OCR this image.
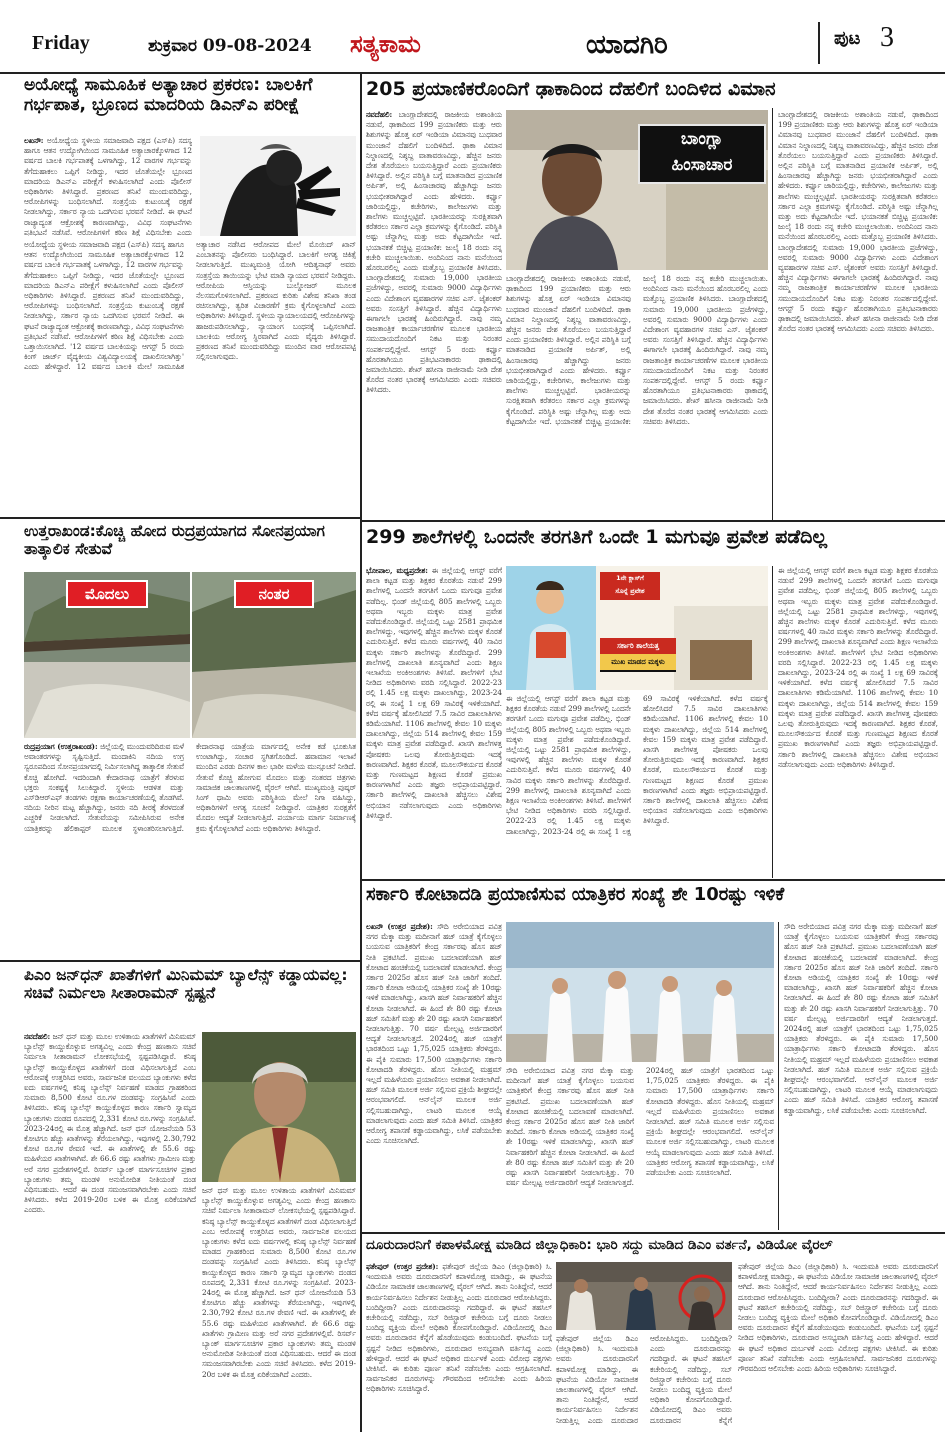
Friday	ಶುಕ್ರವಾರ 09-08-2024 ಸತ್ಯಕಾಮ	ಯಾದಗಿರಿ	ಪುಟ 3
ಅಯೋಧ್ಯೆ ಸಾಮೂಹಿಕ ಅತ್ಯಾಚಾರ ಪ್ರಕರಣ: ಬಾಲಕಿಗೆ ಗರ್ಭಪಾತ, ಭ್ರೂಣದ ಮಾದರಿಯ ಡಿಎನ್ಎ ಪರೀಕ್ಷೆ
ಲಖನೌ: ಅಯೋಧ್ಯೆಯ ಸ್ಥಳೀಯ ಸಮಾಜವಾದಿ ಪಕ್ಷದ (ಎಸ್‌ಪಿ) ಸದಸ್ಯ ಹಾಗೂ ಆತನ ಉದ್ಯೋಗಿಯಿಂದ ಸಾಮೂಹಿಕ ಅತ್ಯಾಚಾರಕ್ಕೊಳಗಾದ 12 ವರ್ಷದ ಬಾಲಕಿ ಗರ್ಭಪಾತಕ್ಕೆ ಒಳಗಾಗಿದ್ದು, 12 ವಾರಗಳ ಗರ್ಭವನ್ನು ತೆಗೆದುಹಾಕಲು ಒಪ್ಪಿಗೆ ನೀಡಿದ್ದು, ಇದರ ಜೊತೆಯಲ್ಲೇ ಭ್ರೂಣದ ಮಾದರಿಯ ಡಿಎನ್ಎ ಪರೀಕ್ಷೆಗೆ ಕಳುಹಿಸಲಾಗಿದೆ ಎಂದು ಪೊಲೀಸ್ ಅಧಿಕಾರಿಗಳು ತಿಳಿಸಿದ್ದಾರೆ. ಪ್ರಕರಣದ ತನಿಖೆ ಮುಂದುವರಿದಿದ್ದು, ಆರೋಪಿಗಳನ್ನು ಬಂಧಿಸಲಾಗಿದೆ. ಸಂತ್ರಸ್ತೆಯ ಕುಟುಂಬಕ್ಕೆ ರಕ್ಷಣೆ ನೀಡಲಾಗಿದ್ದು, ಸರ್ಕಾರ ನ್ಯಾಯ ಒದಗಿಸುವ ಭರವಸೆ ನೀಡಿದೆ. ಈ ಘಟನೆ ರಾಜ್ಯಾದ್ಯಂತ ಆಕ್ರೋಶಕ್ಕೆ ಕಾರಣವಾಗಿದ್ದು, ವಿವಿಧ ಸಂಘಟನೆಗಳು ಪ್ರತಿಭಟನೆ ನಡೆಸಿವೆ. ಆರೋಪಿಗಳಿಗೆ ಕಠಿಣ ಶಿಕ್ಷೆ ವಿಧಿಸಬೇಕು ಎಂದು
ಅಯೋಧ್ಯೆಯ ಸ್ಥಳೀಯ ಸಮಾಜವಾದಿ ಪಕ್ಷದ (ಎಸ್‌ಪಿ) ಸದಸ್ಯ ಹಾಗೂ ಆತನ ಉದ್ಯೋಗಿಯಿಂದ ಸಾಮೂಹಿಕ ಅತ್ಯಾಚಾರಕ್ಕೊಳಗಾದ 12 ವರ್ಷದ ಬಾಲಕಿ ಗರ್ಭಪಾತಕ್ಕೆ ಒಳಗಾಗಿದ್ದು, 12 ವಾರಗಳ ಗರ್ಭವನ್ನು ತೆಗೆದುಹಾಕಲು ಒಪ್ಪಿಗೆ ನೀಡಿದ್ದು, ಇದರ ಜೊತೆಯಲ್ಲೇ ಭ್ರೂಣದ ಮಾದರಿಯ ಡಿಎನ್ಎ ಪರೀಕ್ಷೆಗೆ ಕಳುಹಿಸಲಾಗಿದೆ ಎಂದು ಪೊಲೀಸ್ ಅಧಿಕಾರಿಗಳು ತಿಳಿಸಿದ್ದಾರೆ. ಪ್ರಕರಣದ ತನಿಖೆ ಮುಂದುವರಿದಿದ್ದು, ಆರೋಪಿಗಳನ್ನು ಬಂಧಿಸಲಾಗಿದೆ. ಸಂತ್ರಸ್ತೆಯ ಕುಟುಂಬಕ್ಕೆ ರಕ್ಷಣೆ ನೀಡಲಾಗಿದ್ದು, ಸರ್ಕಾರ ನ್ಯಾಯ ಒದಗಿಸುವ ಭರವಸೆ ನೀಡಿದೆ. ಈ ಘಟನೆ ರಾಜ್ಯಾದ್ಯಂತ ಆಕ್ರೋಶಕ್ಕೆ ಕಾರಣವಾಗಿದ್ದು, ವಿವಿಧ ಸಂಘಟನೆಗಳು ಪ್ರತಿಭಟನೆ ನಡೆಸಿವೆ. ಆರೋಪಿಗಳಿಗೆ ಕಠಿಣ ಶಿಕ್ಷೆ ವಿಧಿಸಬೇಕು ಎಂದು ಒತ್ತಾಯಿಸಲಾಗಿದೆ. '12 ವರ್ಷದ ಬಾಲಕಿಯನ್ನು ಆಗಸ್ಟ್ 5 ರಂದು ಕಿಂಗ್ ಜಾರ್ಜ್ ವೈದ್ಯಕೀಯ ವಿಶ್ವವಿದ್ಯಾಲಯಕ್ಕೆ ದಾಖಲಿಸಲಾಗಿತ್ತು' ಎಂದು ಹೇಳಿದ್ದಾರೆ. 12 ವರ್ಷದ ಬಾಲಕಿ ಮೇಲೆ ಸಾಮೂಹಿಕ ಅತ್ಯಾಚಾರ ನಡೆಸಿದ ಆರೋಪದ ಮೇಲೆ ಮೊಯಿದ್ ಖಾನ್ ಎಂಬಾತನನ್ನು ಪೊಲೀಸರು ಬಂಧಿಸಿದ್ದಾರೆ. ಬಾಲಕಿಗೆ ಅಗತ್ಯ ಚಿಕಿತ್ಸೆ ನೀಡಲಾಗುತ್ತಿದೆ. ಮುಖ್ಯಮಂತ್ರಿ ಯೋಗಿ ಆದಿತ್ಯನಾಥ್ ಅವರು ಸಂತ್ರಸ್ತೆಯ ತಾಯಿಯನ್ನು ಭೇಟಿ ಮಾಡಿ ನ್ಯಾಯದ ಭರವಸೆ ನೀಡಿದ್ದರು. ಆರೋಪಿಯ ಆಸ್ತಿಯನ್ನು ಬುಲ್ಡೋಜರ್ ಮೂಲಕ ನೆಲಸಮಗೊಳಿಸಲಾಗಿದೆ. ಪ್ರಕರಣದ ಕುರಿತು ವಿಶೇಷ ತನಿಖಾ ತಂಡ ರಚಿಸಲಾಗಿದ್ದು, ತ್ವರಿತ ವಿಚಾರಣೆಗೆ ಕ್ರಮ ಕೈಗೊಳ್ಳಲಾಗಿದೆ ಎಂದು ಅಧಿಕಾರಿಗಳು ತಿಳಿಸಿದ್ದಾರೆ. ಸ್ಥಳೀಯ ನ್ಯಾಯಾಲಯದಲ್ಲಿ ಆರೋಪಿಗಳನ್ನು ಹಾಜರುಪಡಿಸಲಾಗಿದ್ದು, ನ್ಯಾಯಾಂಗ ಬಂಧನಕ್ಕೆ ಒಪ್ಪಿಸಲಾಗಿದೆ. ಬಾಲಕಿಯ ಆರೋಗ್ಯ ಸ್ಥಿರವಾಗಿದೆ ಎಂದು ವೈದ್ಯರು ತಿಳಿಸಿದ್ದಾರೆ. ಪ್ರಕರಣದ ತನಿಖೆ ಮುಂದುವರಿದಿದ್ದು ಮುಂದಿನ ವಾರ ಆರೋಪಪಟ್ಟಿ ಸಲ್ಲಿಸಲಾಗುವುದು.
205 ಪ್ರಯಾಣಿಕರೊಂದಿಗೆ ಢಾಕಾದಿಂದ ದೆಹಲಿಗೆ ಬಂದಿಳಿದ ವಿಮಾನ
ನವದೆಹಲಿ: ಬಾಂಗ್ಲಾದೇಶದಲ್ಲಿ ರಾಜಕೀಯ ಅಶಾಂತಿಯ ನಡುವೆ, ಢಾಕಾದಿಂದ 199 ಪ್ರಯಾಣಿಕರು ಮತ್ತು ಆರು ಶಿಶುಗಳನ್ನು ಹೊತ್ತ ಏರ್ ಇಂಡಿಯಾ ವಿಮಾನವು ಬುಧವಾರ ಮುಂಜಾನೆ ದೆಹಲಿಗೆ ಬಂದಿಳಿದಿದೆ. ಢಾಕಾ ವಿಮಾನ ನಿಲ್ದಾಣದಲ್ಲಿ ನಿಶ್ಶಬ್ದ ವಾತಾವರಣವಿದ್ದು, ಹೆಚ್ಚಿನ ಜನರು ದೇಶ ತೊರೆಯಲು ಬಯಸುತ್ತಿದ್ದಾರೆ ಎಂದು ಪ್ರಯಾಣಿಕರು ತಿಳಿಸಿದ್ದಾರೆ. ಅಲ್ಲಿನ ಪರಿಸ್ಥಿತಿ ಬಗ್ಗೆ ಮಾತನಾಡಿದ ಪ್ರಯಾಣಿಕ ಅರ್ಪಿತ್, ಅಲ್ಲಿ ಹಿಂಸಾಚಾರವು ಹೆಚ್ಚಾಗಿದ್ದು ಜನರು ಭಯಭೀತರಾಗಿದ್ದಾರೆ ಎಂದು ಹೇಳಿದರು. ಕರ್ಫ್ಯೂ ಜಾರಿಯಲ್ಲಿದ್ದು, ಕಚೇರಿಗಳು, ಕಾಲೇಜುಗಳು ಮತ್ತು ಶಾಲೆಗಳು ಮುಚ್ಚಲ್ಪಟ್ಟಿವೆ. ಭಾರತೀಯರನ್ನು ಸುರಕ್ಷಿತವಾಗಿ ಕರೆತರಲು ಸರ್ಕಾರ ಎಲ್ಲಾ ಕ್ರಮಗಳನ್ನು ಕೈಗೊಂಡಿದೆ. ಪರಿಸ್ಥಿತಿ ಅಷ್ಟು ಚೆನ್ನಾಗಿಲ್ಲ ಮತ್ತು ಅದು ಕೆಟ್ಟದಾಗಿಯೇ ಇದೆ. ಭಯಾನಕತೆ ಬಿಚ್ಚಿಟ್ಟ ಪ್ರಯಾಣಿಕ: ಜುಲೈ 18 ರಂದು ನನ್ನ ಕಚೇರಿ ಮುಚ್ಚಲಾಯಿತು. ಅಂದಿನಿಂದ ನಾನು ಮನೆಯಿಂದ ಹೊರಬರಲಿಲ್ಲ ಎಂದು ಮತ್ತೊಬ್ಬ ಪ್ರಯಾಣಿಕ ತಿಳಿಸಿದರು. ಬಾಂಗ್ಲಾದೇಶದಲ್ಲಿ ಸುಮಾರು 19,000 ಭಾರತೀಯ ಪ್ರಜೆಗಳಿದ್ದು, ಅವರಲ್ಲಿ ಸುಮಾರು 9000 ವಿದ್ಯಾರ್ಥಿಗಳು ಎಂದು ವಿದೇಶಾಂಗ ವ್ಯವಹಾರಗಳ ಸಚಿವ ಎಸ್. ಜೈಶಂಕರ್ ಅವರು ಸಂಸತ್ತಿಗೆ ತಿಳಿಸಿದ್ದಾರೆ. ಹೆಚ್ಚಿನ ವಿದ್ಯಾರ್ಥಿಗಳು ಈಗಾಗಲೇ ಭಾರತಕ್ಕೆ ಹಿಂದಿರುಗಿದ್ದಾರೆ. ನಾವು ನಮ್ಮ ರಾಜತಾಂತ್ರಿಕ ಕಾರ್ಯಾಚರಣೆಗಳ ಮೂಲಕ ಭಾರತೀಯ ಸಮುದಾಯದೊಂದಿಗೆ ನಿಕಟ ಮತ್ತು ನಿರಂತರ ಸಂಪರ್ಕದಲ್ಲಿದ್ದೇವೆ. ಆಗಸ್ಟ್ 5 ರಂದು ಕರ್ಫ್ಯೂ ಹೊರತಾಗಿಯೂ ಪ್ರತಿಭಟನಾಕಾರರು ಢಾಕಾದಲ್ಲಿ ಜಮಾಯಿಸಿದರು. ಶೇಖ್ ಹಸೀನಾ ರಾಜೀನಾಮೆ ನೀಡಿ ದೇಶ ತೊರೆದ ನಂತರ ಭಾರತಕ್ಕೆ ಆಗಮಿಸಿದರು ಎಂದು ಸಚಿವರು ತಿಳಿಸಿದರು.
ಬಾಂಗ್ಲಾ
ಹಿಂಸಾಚಾರ
ಬಾಂಗ್ಲಾದೇಶದಲ್ಲಿ ರಾಜಕೀಯ ಅಶಾಂತಿಯ ನಡುವೆ, ಢಾಕಾದಿಂದ 199 ಪ್ರಯಾಣಿಕರು ಮತ್ತು ಆರು ಶಿಶುಗಳನ್ನು ಹೊತ್ತ ಏರ್ ಇಂಡಿಯಾ ವಿಮಾನವು ಬುಧವಾರ ಮುಂಜಾನೆ ದೆಹಲಿಗೆ ಬಂದಿಳಿದಿದೆ. ಢಾಕಾ ವಿಮಾನ ನಿಲ್ದಾಣದಲ್ಲಿ ನಿಶ್ಶಬ್ದ ವಾತಾವರಣವಿದ್ದು, ಹೆಚ್ಚಿನ ಜನರು ದೇಶ ತೊರೆಯಲು ಬಯಸುತ್ತಿದ್ದಾರೆ ಎಂದು ಪ್ರಯಾಣಿಕರು ತಿಳಿಸಿದ್ದಾರೆ. ಅಲ್ಲಿನ ಪರಿಸ್ಥಿತಿ ಬಗ್ಗೆ ಮಾತನಾಡಿದ ಪ್ರಯಾಣಿಕ ಅರ್ಪಿತ್, ಅಲ್ಲಿ ಹಿಂಸಾಚಾರವು ಹೆಚ್ಚಾಗಿದ್ದು ಜನರು ಭಯಭೀತರಾಗಿದ್ದಾರೆ ಎಂದು ಹೇಳಿದರು. ಕರ್ಫ್ಯೂ ಜಾರಿಯಲ್ಲಿದ್ದು, ಕಚೇರಿಗಳು, ಕಾಲೇಜುಗಳು ಮತ್ತು ಶಾಲೆಗಳು ಮುಚ್ಚಲ್ಪಟ್ಟಿವೆ. ಭಾರತೀಯರನ್ನು ಸುರಕ್ಷಿತವಾಗಿ ಕರೆತರಲು ಸರ್ಕಾರ ಎಲ್ಲಾ ಕ್ರಮಗಳನ್ನು ಕೈಗೊಂಡಿದೆ. ಪರಿಸ್ಥಿತಿ ಅಷ್ಟು ಚೆನ್ನಾಗಿಲ್ಲ ಮತ್ತು ಅದು ಕೆಟ್ಟದಾಗಿಯೇ ಇದೆ. ಭಯಾನಕತೆ ಬಿಚ್ಚಿಟ್ಟ ಪ್ರಯಾಣಿಕ: ಜುಲೈ 18 ರಂದು ನನ್ನ ಕಚೇರಿ ಮುಚ್ಚಲಾಯಿತು. ಅಂದಿನಿಂದ ನಾನು ಮನೆಯಿಂದ ಹೊರಬರಲಿಲ್ಲ ಎಂದು ಮತ್ತೊಬ್ಬ ಪ್ರಯಾಣಿಕ ತಿಳಿಸಿದರು. ಬಾಂಗ್ಲಾದೇಶದಲ್ಲಿ ಸುಮಾರು 19,000 ಭಾರತೀಯ ಪ್ರಜೆಗಳಿದ್ದು, ಅವರಲ್ಲಿ ಸುಮಾರು 9000 ವಿದ್ಯಾರ್ಥಿಗಳು ಎಂದು ವಿದೇಶಾಂಗ ವ್ಯವಹಾರಗಳ ಸಚಿವ ಎಸ್. ಜೈಶಂಕರ್ ಅವರು ಸಂಸತ್ತಿಗೆ ತಿಳಿಸಿದ್ದಾರೆ. ಹೆಚ್ಚಿನ ವಿದ್ಯಾರ್ಥಿಗಳು ಈಗಾಗಲೇ ಭಾರತಕ್ಕೆ ಹಿಂದಿರುಗಿದ್ದಾರೆ. ನಾವು ನಮ್ಮ ರಾಜತಾಂತ್ರಿಕ ಕಾರ್ಯಾಚರಣೆಗಳ ಮೂಲಕ ಭಾರತೀಯ ಸಮುದಾಯದೊಂದಿಗೆ ನಿಕಟ ಮತ್ತು ನಿರಂತರ ಸಂಪರ್ಕದಲ್ಲಿದ್ದೇವೆ. ಆಗಸ್ಟ್ 5 ರಂದು ಕರ್ಫ್ಯೂ ಹೊರತಾಗಿಯೂ ಪ್ರತಿಭಟನಾಕಾರರು ಢಾಕಾದಲ್ಲಿ ಜಮಾಯಿಸಿದರು. ಶೇಖ್ ಹಸೀನಾ ರಾಜೀನಾಮೆ ನೀಡಿ ದೇಶ ತೊರೆದ ನಂತರ ಭಾರತಕ್ಕೆ ಆಗಮಿಸಿದರು ಎಂದು ಸಚಿವರು ತಿಳಿಸಿದರು.
ಬಾಂಗ್ಲಾದೇಶದಲ್ಲಿ ರಾಜಕೀಯ ಅಶಾಂತಿಯ ನಡುವೆ, ಢಾಕಾದಿಂದ 199 ಪ್ರಯಾಣಿಕರು ಮತ್ತು ಆರು ಶಿಶುಗಳನ್ನು ಹೊತ್ತ ಏರ್ ಇಂಡಿಯಾ ವಿಮಾನವು ಬುಧವಾರ ಮುಂಜಾನೆ ದೆಹಲಿಗೆ ಬಂದಿಳಿದಿದೆ. ಢಾಕಾ ವಿಮಾನ ನಿಲ್ದಾಣದಲ್ಲಿ ನಿಶ್ಶಬ್ದ ವಾತಾವರಣವಿದ್ದು, ಹೆಚ್ಚಿನ ಜನರು ದೇಶ ತೊರೆಯಲು ಬಯಸುತ್ತಿದ್ದಾರೆ ಎಂದು ಪ್ರಯಾಣಿಕರು ತಿಳಿಸಿದ್ದಾರೆ. ಅಲ್ಲಿನ ಪರಿಸ್ಥಿತಿ ಬಗ್ಗೆ ಮಾತನಾಡಿದ ಪ್ರಯಾಣಿಕ ಅರ್ಪಿತ್, ಅಲ್ಲಿ ಹಿಂಸಾಚಾರವು ಹೆಚ್ಚಾಗಿದ್ದು ಜನರು ಭಯಭೀತರಾಗಿದ್ದಾರೆ ಎಂದು ಹೇಳಿದರು. ಕರ್ಫ್ಯೂ ಜಾರಿಯಲ್ಲಿದ್ದು, ಕಚೇರಿಗಳು, ಕಾಲೇಜುಗಳು ಮತ್ತು ಶಾಲೆಗಳು ಮುಚ್ಚಲ್ಪಟ್ಟಿವೆ. ಭಾರತೀಯರನ್ನು ಸುರಕ್ಷಿತವಾಗಿ ಕರೆತರಲು ಸರ್ಕಾರ ಎಲ್ಲಾ ಕ್ರಮಗಳನ್ನು ಕೈಗೊಂಡಿದೆ. ಪರಿಸ್ಥಿತಿ ಅಷ್ಟು ಚೆನ್ನಾಗಿಲ್ಲ ಮತ್ತು ಅದು ಕೆಟ್ಟದಾಗಿಯೇ ಇದೆ. ಭಯಾನಕತೆ ಬಿಚ್ಚಿಟ್ಟ ಪ್ರಯಾಣಿಕ: ಜುಲೈ 18 ರಂದು ನನ್ನ ಕಚೇರಿ ಮುಚ್ಚಲಾಯಿತು. ಅಂದಿನಿಂದ ನಾನು ಮನೆಯಿಂದ ಹೊರಬರಲಿಲ್ಲ ಎಂದು ಮತ್ತೊಬ್ಬ ಪ್ರಯಾಣಿಕ ತಿಳಿಸಿದರು. ಬಾಂಗ್ಲಾದೇಶದಲ್ಲಿ ಸುಮಾರು 19,000 ಭಾರತೀಯ ಪ್ರಜೆಗಳಿದ್ದು, ಅವರಲ್ಲಿ ಸುಮಾರು 9000 ವಿದ್ಯಾರ್ಥಿಗಳು ಎಂದು ವಿದೇಶಾಂಗ ವ್ಯವಹಾರಗಳ ಸಚಿವ ಎಸ್. ಜೈಶಂಕರ್ ಅವರು ಸಂಸತ್ತಿಗೆ ತಿಳಿಸಿದ್ದಾರೆ. ಹೆಚ್ಚಿನ ವಿದ್ಯಾರ್ಥಿಗಳು ಈಗಾಗಲೇ ಭಾರತಕ್ಕೆ ಹಿಂದಿರುಗಿದ್ದಾರೆ. ನಾವು ನಮ್ಮ ರಾಜತಾಂತ್ರಿಕ ಕಾರ್ಯಾಚರಣೆಗಳ ಮೂಲಕ ಭಾರತೀಯ ಸಮುದಾಯದೊಂದಿಗೆ ನಿಕಟ ಮತ್ತು ನಿರಂತರ ಸಂಪರ್ಕದಲ್ಲಿದ್ದೇವೆ. ಆಗಸ್ಟ್ 5 ರಂದು ಕರ್ಫ್ಯೂ ಹೊರತಾಗಿಯೂ ಪ್ರತಿಭಟನಾಕಾರರು ಢಾಕಾದಲ್ಲಿ ಜಮಾಯಿಸಿದರು. ಶೇಖ್ ಹಸೀನಾ ರಾಜೀನಾಮೆ ನೀಡಿ ದೇಶ ತೊರೆದ ನಂತರ ಭಾರತಕ್ಕೆ ಆಗಮಿಸಿದರು ಎಂದು ಸಚಿವರು ತಿಳಿಸಿದರು.
ಉತ್ತರಾಖಂಡ:ಕೊಚ್ಚಿ ಹೋದ ರುದ್ರಪ್ರಯಾಗದ ಸೋನಪ್ರಯಾಗ ತಾತ್ಕಾಲಿಕ ಸೇತುವೆ
ಮೊದಲು	ನಂತರ
ರುದ್ರಪ್ರಯಾಗ (ಉತ್ತರಾಖಂಡ): ಜಿಲ್ಲೆಯಲ್ಲಿ ಮುಂದುವರಿದಿರುವ ಮಳೆ ಅವಾಂತರಗಳನ್ನು ಸೃಷ್ಟಿಸುತ್ತಿದೆ. ಮಂದಾಕಿನಿ ನದಿಯ ಉಗ್ರ ಸ್ವರೂಪದಿಂದ ಸೋನಪ್ರಯಾಗದಲ್ಲಿ ನಿರ್ಮಿಸಲಾಗಿದ್ದ ತಾತ್ಕಾಲಿಕ ಸೇತುವೆ ಕೊಚ್ಚಿ ಹೋಗಿದೆ. ಇದರಿಂದಾಗಿ ಕೇದಾರನಾಥ ಯಾತ್ರೆಗೆ ತೆರಳುವ ಭಕ್ತರು ಸಂಕಷ್ಟಕ್ಕೆ ಸಿಲುಕಿದ್ದಾರೆ. ಸ್ಥಳೀಯ ಆಡಳಿತ ಮತ್ತು ಎಸ್‌ಡಿಆರ್‌ಎಫ್ ತಂಡಗಳು ರಕ್ಷಣಾ ಕಾರ್ಯಾಚರಣೆಯಲ್ಲಿ ತೊಡಗಿವೆ. ನದಿಯ ನೀರಿನ ಮಟ್ಟ ಹೆಚ್ಚಾಗಿದ್ದು, ಜನರು ನದಿ ತೀರಕ್ಕೆ ತೆರಳದಂತೆ ಎಚ್ಚರಿಕೆ ನೀಡಲಾಗಿದೆ. ಸೇತುವೆಯನ್ನು ಸಮೀಪಿಸಿರುವ ಅನೇಕ ಯಾತ್ರಿಕರನ್ನು ಹೆಲಿಕಾಪ್ಟರ್ ಮೂಲಕ ಸ್ಥಳಾಂತರಿಸಲಾಗುತ್ತಿದೆ. ಕೇದಾರನಾಥ ಯಾತ್ರೆಯ ಮಾರ್ಗದಲ್ಲಿ ಅನೇಕ ಕಡೆ ಭೂಕುಸಿತ ಉಂಟಾಗಿದ್ದು, ಸಂಚಾರ ಸ್ಥಗಿತಗೊಂಡಿದೆ. ಹವಾಮಾನ ಇಲಾಖೆ ಮುಂದಿನ ಎರಡು ದಿನಗಳ ಕಾಲ ಭಾರೀ ಮಳೆಯ ಮುನ್ಸೂಚನೆ ನೀಡಿದೆ. ಸೇತುವೆ ಕೊಚ್ಚಿ ಹೋಗುವ ಮೊದಲು ಮತ್ತು ನಂತರದ ಚಿತ್ರಗಳು ಸಾಮಾಜಿಕ ಜಾಲತಾಣಗಳಲ್ಲಿ ವೈರಲ್ ಆಗಿವೆ. ಮುಖ್ಯಮಂತ್ರಿ ಪುಷ್ಕರ್ ಸಿಂಗ್ ಧಾಮಿ ಅವರು ಪರಿಸ್ಥಿತಿಯ ಮೇಲೆ ನಿಗಾ ವಹಿಸಿದ್ದು, ಅಧಿಕಾರಿಗಳಿಗೆ ಅಗತ್ಯ ಸೂಚನೆ ನೀಡಿದ್ದಾರೆ. ಯಾತ್ರಿಕರ ಸುರಕ್ಷತೆಗೆ ಮೊದಲ ಆದ್ಯತೆ ನೀಡಲಾಗುತ್ತಿದೆ. ಪರ್ಯಾಯ ಮಾರ್ಗ ನಿರ್ಮಾಣಕ್ಕೆ ಕ್ರಮ ಕೈಗೊಳ್ಳಲಾಗಿದೆ ಎಂದು ಅಧಿಕಾರಿಗಳು ತಿಳಿಸಿದ್ದಾರೆ.
299 ಶಾಲೆಗಳಲ್ಲಿ ಒಂದನೇ ತರಗತಿಗೆ ಒಂದೇ 1 ಮಗುವೂ ಪ್ರವೇಶ ಪಡೆದಿಲ್ಲ
ಭೋಪಾಲ, ಮಧ್ಯಪ್ರದೇಶ: ಈ ಜಿಲ್ಲೆಯಲ್ಲಿ ಆಗಸ್ಟ್ ವರೆಗೆ ಶಾಲಾ ಕಟ್ಟಡ ಮತ್ತು ಶಿಕ್ಷಕರ ಕೊರತೆಯ ನಡುವೆ 299 ಶಾಲೆಗಳಲ್ಲಿ ಒಂದನೇ ತರಗತಿಗೆ ಒಂದು ಮಗುವೂ ಪ್ರವೇಶ ಪಡೆದಿಲ್ಲ. ಭಿಂಡ್ ಜಿಲ್ಲೆಯಲ್ಲಿ 805 ಶಾಲೆಗಳಲ್ಲಿ ಒಬ್ಬರು ಅಥವಾ ಇಬ್ಬರು ಮಕ್ಕಳು ಮಾತ್ರ ಪ್ರವೇಶ ಪಡೆದುಕೊಂಡಿದ್ದಾರೆ. ಜಿಲ್ಲೆಯಲ್ಲಿ ಒಟ್ಟು 2581 ಪ್ರಾಥಮಿಕ ಶಾಲೆಗಳಿದ್ದು, ಇವುಗಳಲ್ಲಿ ಹೆಚ್ಚಿನ ಶಾಲೆಗಳು ಮಕ್ಕಳ ಕೊರತೆ ಎದುರಿಸುತ್ತಿವೆ. ಕಳೆದ ಮೂರು ವರ್ಷಗಳಲ್ಲಿ 40 ಸಾವಿರ ಮಕ್ಕಳು ಸರ್ಕಾರಿ ಶಾಲೆಗಳನ್ನು ತೊರೆದಿದ್ದಾರೆ. 299 ಶಾಲೆಗಳಲ್ಲಿ ದಾಖಲಾತಿ ಶೂನ್ಯವಾಗಿದೆ ಎಂದು ಶಿಕ್ಷಣ ಇಲಾಖೆಯ ಅಂಕಿಅಂಶಗಳು ತಿಳಿಸಿವೆ. ಶಾಲೆಗಳಿಗೆ ಭೇಟಿ ನೀಡಿದ ಅಧಿಕಾರಿಗಳು ವರದಿ ಸಲ್ಲಿಸಿದ್ದಾರೆ. 2022-23 ರಲ್ಲಿ 1.45 ಲಕ್ಷ ಮಕ್ಕಳು ದಾಖಲಾಗಿದ್ದು, 2023-24 ರಲ್ಲಿ ಈ ಸಂಖ್ಯೆ 1 ಲಕ್ಷ 69 ಸಾವಿರಕ್ಕೆ ಇಳಿಕೆಯಾಗಿದೆ. ಕಳೆದ ವರ್ಷಕ್ಕೆ ಹೋಲಿಸಿದರೆ 7.5 ಸಾವಿರ ದಾಖಲಾತಿಗಳು ಕಡಿಮೆಯಾಗಿವೆ. 1106 ಶಾಲೆಗಳಲ್ಲಿ ಕೇವಲ 10 ಮಕ್ಕಳು ದಾಖಲಾಗಿದ್ದು, ಜಿಲ್ಲೆಯ 514 ಶಾಲೆಗಳಲ್ಲಿ ಕೇವಲ 159 ಮಕ್ಕಳು ಮಾತ್ರ ಪ್ರವೇಶ ಪಡೆದಿದ್ದಾರೆ. ಖಾಸಗಿ ಶಾಲೆಗಳತ್ತ ಪೋಷಕರು ಒಲವು ತೋರುತ್ತಿರುವುದು ಇದಕ್ಕೆ ಕಾರಣವಾಗಿದೆ. ಶಿಕ್ಷಕರ ಕೊರತೆ, ಮೂಲಸೌಕರ್ಯದ ಕೊರತೆ ಮತ್ತು ಗುಣಮಟ್ಟದ ಶಿಕ್ಷಣದ ಕೊರತೆ ಪ್ರಮುಖ ಕಾರಣಗಳಾಗಿವೆ ಎಂದು ತಜ್ಞರು ಅಭಿಪ್ರಾಯಪಟ್ಟಿದ್ದಾರೆ. ಸರ್ಕಾರಿ ಶಾಲೆಗಳಲ್ಲಿ ದಾಖಲಾತಿ ಹೆಚ್ಚಿಸಲು ವಿಶೇಷ ಅಭಿಯಾನ ನಡೆಸಲಾಗುವುದು ಎಂದು ಅಧಿಕಾರಿಗಳು ತಿಳಿಸಿದ್ದಾರೆ.
1ನೇ ಕ್ಲಾಸ್‌ಗೆ
ಸೊನ್ನೆ ಪ್ರವೇಶ
ಸರ್ಕಾರಿ ಶಾಲೆಯತ್ತ
ಮುಖ ಮಾಡದ ಮಕ್ಕಳು
ಈ ಜಿಲ್ಲೆಯಲ್ಲಿ ಆಗಸ್ಟ್ ವರೆಗೆ ಶಾಲಾ ಕಟ್ಟಡ ಮತ್ತು ಶಿಕ್ಷಕರ ಕೊರತೆಯ ನಡುವೆ 299 ಶಾಲೆಗಳಲ್ಲಿ ಒಂದನೇ ತರಗತಿಗೆ ಒಂದು ಮಗುವೂ ಪ್ರವೇಶ ಪಡೆದಿಲ್ಲ. ಭಿಂಡ್ ಜಿಲ್ಲೆಯಲ್ಲಿ 805 ಶಾಲೆಗಳಲ್ಲಿ ಒಬ್ಬರು ಅಥವಾ ಇಬ್ಬರು ಮಕ್ಕಳು ಮಾತ್ರ ಪ್ರವೇಶ ಪಡೆದುಕೊಂಡಿದ್ದಾರೆ. ಜಿಲ್ಲೆಯಲ್ಲಿ ಒಟ್ಟು 2581 ಪ್ರಾಥಮಿಕ ಶಾಲೆಗಳಿದ್ದು, ಇವುಗಳಲ್ಲಿ ಹೆಚ್ಚಿನ ಶಾಲೆಗಳು ಮಕ್ಕಳ ಕೊರತೆ ಎದುರಿಸುತ್ತಿವೆ. ಕಳೆದ ಮೂರು ವರ್ಷಗಳಲ್ಲಿ 40 ಸಾವಿರ ಮಕ್ಕಳು ಸರ್ಕಾರಿ ಶಾಲೆಗಳನ್ನು ತೊರೆದಿದ್ದಾರೆ. 299 ಶಾಲೆಗಳಲ್ಲಿ ದಾಖಲಾತಿ ಶೂನ್ಯವಾಗಿದೆ ಎಂದು ಶಿಕ್ಷಣ ಇಲಾಖೆಯ ಅಂಕಿಅಂಶಗಳು ತಿಳಿಸಿವೆ. ಶಾಲೆಗಳಿಗೆ ಭೇಟಿ ನೀಡಿದ ಅಧಿಕಾರಿಗಳು ವರದಿ ಸಲ್ಲಿಸಿದ್ದಾರೆ. 2022-23 ರಲ್ಲಿ 1.45 ಲಕ್ಷ ಮಕ್ಕಳು ದಾಖಲಾಗಿದ್ದು, 2023-24 ರಲ್ಲಿ ಈ ಸಂಖ್ಯೆ 1 ಲಕ್ಷ 69 ಸಾವಿರಕ್ಕೆ ಇಳಿಕೆಯಾಗಿದೆ. ಕಳೆದ ವರ್ಷಕ್ಕೆ ಹೋಲಿಸಿದರೆ 7.5 ಸಾವಿರ ದಾಖಲಾತಿಗಳು ಕಡಿಮೆಯಾಗಿವೆ. 1106 ಶಾಲೆಗಳಲ್ಲಿ ಕೇವಲ 10 ಮಕ್ಕಳು ದಾಖಲಾಗಿದ್ದು, ಜಿಲ್ಲೆಯ 514 ಶಾಲೆಗಳಲ್ಲಿ ಕೇವಲ 159 ಮಕ್ಕಳು ಮಾತ್ರ ಪ್ರವೇಶ ಪಡೆದಿದ್ದಾರೆ. ಖಾಸಗಿ ಶಾಲೆಗಳತ್ತ ಪೋಷಕರು ಒಲವು ತೋರುತ್ತಿರುವುದು ಇದಕ್ಕೆ ಕಾರಣವಾಗಿದೆ. ಶಿಕ್ಷಕರ ಕೊರತೆ, ಮೂಲಸೌಕರ್ಯದ ಕೊರತೆ ಮತ್ತು ಗುಣಮಟ್ಟದ ಶಿಕ್ಷಣದ ಕೊರತೆ ಪ್ರಮುಖ ಕಾರಣಗಳಾಗಿವೆ ಎಂದು ತಜ್ಞರು ಅಭಿಪ್ರಾಯಪಟ್ಟಿದ್ದಾರೆ. ಸರ್ಕಾರಿ ಶಾಲೆಗಳಲ್ಲಿ ದಾಖಲಾತಿ ಹೆಚ್ಚಿಸಲು ವಿಶೇಷ ಅಭಿಯಾನ ನಡೆಸಲಾಗುವುದು ಎಂದು ಅಧಿಕಾರಿಗಳು ತಿಳಿಸಿದ್ದಾರೆ.
ಈ ಜಿಲ್ಲೆಯಲ್ಲಿ ಆಗಸ್ಟ್ ವರೆಗೆ ಶಾಲಾ ಕಟ್ಟಡ ಮತ್ತು ಶಿಕ್ಷಕರ ಕೊರತೆಯ ನಡುವೆ 299 ಶಾಲೆಗಳಲ್ಲಿ ಒಂದನೇ ತರಗತಿಗೆ ಒಂದು ಮಗುವೂ ಪ್ರವೇಶ ಪಡೆದಿಲ್ಲ. ಭಿಂಡ್ ಜಿಲ್ಲೆಯಲ್ಲಿ 805 ಶಾಲೆಗಳಲ್ಲಿ ಒಬ್ಬರು ಅಥವಾ ಇಬ್ಬರು ಮಕ್ಕಳು ಮಾತ್ರ ಪ್ರವೇಶ ಪಡೆದುಕೊಂಡಿದ್ದಾರೆ. ಜಿಲ್ಲೆಯಲ್ಲಿ ಒಟ್ಟು 2581 ಪ್ರಾಥಮಿಕ ಶಾಲೆಗಳಿದ್ದು, ಇವುಗಳಲ್ಲಿ ಹೆಚ್ಚಿನ ಶಾಲೆಗಳು ಮಕ್ಕಳ ಕೊರತೆ ಎದುರಿಸುತ್ತಿವೆ. ಕಳೆದ ಮೂರು ವರ್ಷಗಳಲ್ಲಿ 40 ಸಾವಿರ ಮಕ್ಕಳು ಸರ್ಕಾರಿ ಶಾಲೆಗಳನ್ನು ತೊರೆದಿದ್ದಾರೆ. 299 ಶಾಲೆಗಳಲ್ಲಿ ದಾಖಲಾತಿ ಶೂನ್ಯವಾಗಿದೆ ಎಂದು ಶಿಕ್ಷಣ ಇಲಾಖೆಯ ಅಂಕಿಅಂಶಗಳು ತಿಳಿಸಿವೆ. ಶಾಲೆಗಳಿಗೆ ಭೇಟಿ ನೀಡಿದ ಅಧಿಕಾರಿಗಳು ವರದಿ ಸಲ್ಲಿಸಿದ್ದಾರೆ. 2022-23 ರಲ್ಲಿ 1.45 ಲಕ್ಷ ಮಕ್ಕಳು ದಾಖಲಾಗಿದ್ದು, 2023-24 ರಲ್ಲಿ ಈ ಸಂಖ್ಯೆ 1 ಲಕ್ಷ 69 ಸಾವಿರಕ್ಕೆ ಇಳಿಕೆಯಾಗಿದೆ. ಕಳೆದ ವರ್ಷಕ್ಕೆ ಹೋಲಿಸಿದರೆ 7.5 ಸಾವಿರ ದಾಖಲಾತಿಗಳು ಕಡಿಮೆಯಾಗಿವೆ. 1106 ಶಾಲೆಗಳಲ್ಲಿ ಕೇವಲ 10 ಮಕ್ಕಳು ದಾಖಲಾಗಿದ್ದು, ಜಿಲ್ಲೆಯ 514 ಶಾಲೆಗಳಲ್ಲಿ ಕೇವಲ 159 ಮಕ್ಕಳು ಮಾತ್ರ ಪ್ರವೇಶ ಪಡೆದಿದ್ದಾರೆ. ಖಾಸಗಿ ಶಾಲೆಗಳತ್ತ ಪೋಷಕರು ಒಲವು ತೋರುತ್ತಿರುವುದು ಇದಕ್ಕೆ ಕಾರಣವಾಗಿದೆ. ಶಿಕ್ಷಕರ ಕೊರತೆ, ಮೂಲಸೌಕರ್ಯದ ಕೊರತೆ ಮತ್ತು ಗುಣಮಟ್ಟದ ಶಿಕ್ಷಣದ ಕೊರತೆ ಪ್ರಮುಖ ಕಾರಣಗಳಾಗಿವೆ ಎಂದು ತಜ್ಞರು ಅಭಿಪ್ರಾಯಪಟ್ಟಿದ್ದಾರೆ. ಸರ್ಕಾರಿ ಶಾಲೆಗಳಲ್ಲಿ ದಾಖಲಾತಿ ಹೆಚ್ಚಿಸಲು ವಿಶೇಷ ಅಭಿಯಾನ ನಡೆಸಲಾಗುವುದು ಎಂದು ಅಧಿಕಾರಿಗಳು ತಿಳಿಸಿದ್ದಾರೆ.
ಸರ್ಕಾರಿ ಕೋಟಾದಡಿ ಪ್ರಯಾಣಿಸುವ ಯಾತ್ರಿಕರ ಸಂಖ್ಯೆ ಶೇ 10ರಷ್ಟು ಇಳಿಕೆ
ಲಖನೌ (ಉತ್ತರ ಪ್ರದೇಶ): ಸೌದಿ ಅರೇಬಿಯಾದ ಪವಿತ್ರ ನಗರ ಮೆಕ್ಕಾ ಮತ್ತು ಮದೀನಾಗೆ ಹಜ್ ಯಾತ್ರೆ ಕೈಗೊಳ್ಳಲು ಬಯಸುವ ಯಾತ್ರಿಕರಿಗೆ ಕೇಂದ್ರ ಸರ್ಕಾರವು ಹೊಸ ಹಜ್ ನೀತಿ ಪ್ರಕಟಿಸಿದೆ. ಪ್ರಮುಖ ಬದಲಾವಣೆಯಾಗಿ ಹಜ್ ಕೋಟಾದ ಹಂಚಿಕೆಯಲ್ಲಿ ಬದಲಾವಣೆ ಮಾಡಲಾಗಿದೆ. ಕೇಂದ್ರ ಸರ್ಕಾರ 2025ರ ಹೊಸ ಹಜ್ ನೀತಿ ಜಾರಿಗೆ ತಂದಿದೆ. ಸರ್ಕಾರಿ ಕೋಟಾ ಅಡಿಯಲ್ಲಿ ಯಾತ್ರಿಕರ ಸಂಖ್ಯೆ ಶೇ 10ರಷ್ಟು ಇಳಿಕೆ ಮಾಡಲಾಗಿದ್ದು, ಖಾಸಗಿ ಹಜ್ ನಿರ್ವಾಹಕರಿಗೆ ಹೆಚ್ಚಿನ ಕೋಟಾ ನೀಡಲಾಗಿದೆ. ಈ ಹಿಂದೆ ಶೇ 80 ರಷ್ಟು ಕೋಟಾ ಹಜ್ ಸಮಿತಿಗೆ ಮತ್ತು ಶೇ 20 ರಷ್ಟು ಖಾಸಗಿ ನಿರ್ವಾಹಕರಿಗೆ ನೀಡಲಾಗುತ್ತಿತ್ತು. 70 ವರ್ಷ ಮೇಲ್ಪಟ್ಟ ಅರ್ಜಿದಾರರಿಗೆ ಆದ್ಯತೆ ನೀಡಲಾಗುತ್ತದೆ. 2024ರಲ್ಲಿ ಹಜ್ ಯಾತ್ರೆಗೆ ಭಾರತದಿಂದ ಒಟ್ಟು 1,75,025 ಯಾತ್ರಿಕರು ತೆರಳಿದ್ದರು. ಈ ಪೈಕಿ ಸುಮಾರು 17,500 ಯಾತ್ರಾರ್ಥಿಗಳು ಸರ್ಕಾರಿ ಕೋಟಾದಡಿ ತೆರಳಿದ್ದರು. ಹೊಸ ನೀತಿಯಲ್ಲಿ ಮಹ್ರಮ್ ಇಲ್ಲದೆ ಮಹಿಳೆಯರು ಪ್ರಯಾಣಿಸಲು ಅವಕಾಶ ನೀಡಲಾಗಿದೆ. ಹಜ್ ಸಮಿತಿ ಮೂಲಕ ಅರ್ಜಿ ಸಲ್ಲಿಸುವ ಪ್ರಕ್ರಿಯೆ ಶೀಘ್ರದಲ್ಲೇ ಆರಂಭವಾಗಲಿದೆ. ಆನ್‌ಲೈನ್ ಮೂಲಕ ಅರ್ಜಿ ಸಲ್ಲಿಸಬಹುದಾಗಿದ್ದು, ಲಾಟರಿ ಮೂಲಕ ಆಯ್ಕೆ ಮಾಡಲಾಗುವುದು ಎಂದು ಹಜ್ ಸಮಿತಿ ತಿಳಿಸಿದೆ. ಯಾತ್ರಿಕರ ಆರೋಗ್ಯ ತಪಾಸಣೆ ಕಡ್ಡಾಯವಾಗಿದ್ದು, ಲಸಿಕೆ ಪಡೆಯಬೇಕು ಎಂದು ಸೂಚಿಸಲಾಗಿದೆ.
ಸೌದಿ ಅರೇಬಿಯಾದ ಪವಿತ್ರ ನಗರ ಮೆಕ್ಕಾ ಮತ್ತು ಮದೀನಾಗೆ ಹಜ್ ಯಾತ್ರೆ ಕೈಗೊಳ್ಳಲು ಬಯಸುವ ಯಾತ್ರಿಕರಿಗೆ ಕೇಂದ್ರ ಸರ್ಕಾರವು ಹೊಸ ಹಜ್ ನೀತಿ ಪ್ರಕಟಿಸಿದೆ. ಪ್ರಮುಖ ಬದಲಾವಣೆಯಾಗಿ ಹಜ್ ಕೋಟಾದ ಹಂಚಿಕೆಯಲ್ಲಿ ಬದಲಾವಣೆ ಮಾಡಲಾಗಿದೆ. ಕೇಂದ್ರ ಸರ್ಕಾರ 2025ರ ಹೊಸ ಹಜ್ ನೀತಿ ಜಾರಿಗೆ ತಂದಿದೆ. ಸರ್ಕಾರಿ ಕೋಟಾ ಅಡಿಯಲ್ಲಿ ಯಾತ್ರಿಕರ ಸಂಖ್ಯೆ ಶೇ 10ರಷ್ಟು ಇಳಿಕೆ ಮಾಡಲಾಗಿದ್ದು, ಖಾಸಗಿ ಹಜ್ ನಿರ್ವಾಹಕರಿಗೆ ಹೆಚ್ಚಿನ ಕೋಟಾ ನೀಡಲಾಗಿದೆ. ಈ ಹಿಂದೆ ಶೇ 80 ರಷ್ಟು ಕೋಟಾ ಹಜ್ ಸಮಿತಿಗೆ ಮತ್ತು ಶೇ 20 ರಷ್ಟು ಖಾಸಗಿ ನಿರ್ವಾಹಕರಿಗೆ ನೀಡಲಾಗುತ್ತಿತ್ತು. 70 ವರ್ಷ ಮೇಲ್ಪಟ್ಟ ಅರ್ಜಿದಾರರಿಗೆ ಆದ್ಯತೆ ನೀಡಲಾಗುತ್ತದೆ. 2024ರಲ್ಲಿ ಹಜ್ ಯಾತ್ರೆಗೆ ಭಾರತದಿಂದ ಒಟ್ಟು 1,75,025 ಯಾತ್ರಿಕರು ತೆರಳಿದ್ದರು. ಈ ಪೈಕಿ ಸುಮಾರು 17,500 ಯಾತ್ರಾರ್ಥಿಗಳು ಸರ್ಕಾರಿ ಕೋಟಾದಡಿ ತೆರಳಿದ್ದರು. ಹೊಸ ನೀತಿಯಲ್ಲಿ ಮಹ್ರಮ್ ಇಲ್ಲದೆ ಮಹಿಳೆಯರು ಪ್ರಯಾಣಿಸಲು ಅವಕಾಶ ನೀಡಲಾಗಿದೆ. ಹಜ್ ಸಮಿತಿ ಮೂಲಕ ಅರ್ಜಿ ಸಲ್ಲಿಸುವ ಪ್ರಕ್ರಿಯೆ ಶೀಘ್ರದಲ್ಲೇ ಆರಂಭವಾಗಲಿದೆ. ಆನ್‌ಲೈನ್ ಮೂಲಕ ಅರ್ಜಿ ಸಲ್ಲಿಸಬಹುದಾಗಿದ್ದು, ಲಾಟರಿ ಮೂಲಕ ಆಯ್ಕೆ ಮಾಡಲಾಗುವುದು ಎಂದು ಹಜ್ ಸಮಿತಿ ತಿಳಿಸಿದೆ. ಯಾತ್ರಿಕರ ಆರೋಗ್ಯ ತಪಾಸಣೆ ಕಡ್ಡಾಯವಾಗಿದ್ದು, ಲಸಿಕೆ ಪಡೆಯಬೇಕು ಎಂದು ಸೂಚಿಸಲಾಗಿದೆ.
ಸೌದಿ ಅರೇಬಿಯಾದ ಪವಿತ್ರ ನಗರ ಮೆಕ್ಕಾ ಮತ್ತು ಮದೀನಾಗೆ ಹಜ್ ಯಾತ್ರೆ ಕೈಗೊಳ್ಳಲು ಬಯಸುವ ಯಾತ್ರಿಕರಿಗೆ ಕೇಂದ್ರ ಸರ್ಕಾರವು ಹೊಸ ಹಜ್ ನೀತಿ ಪ್ರಕಟಿಸಿದೆ. ಪ್ರಮುಖ ಬದಲಾವಣೆಯಾಗಿ ಹಜ್ ಕೋಟಾದ ಹಂಚಿಕೆಯಲ್ಲಿ ಬದಲಾವಣೆ ಮಾಡಲಾಗಿದೆ. ಕೇಂದ್ರ ಸರ್ಕಾರ 2025ರ ಹೊಸ ಹಜ್ ನೀತಿ ಜಾರಿಗೆ ತಂದಿದೆ. ಸರ್ಕಾರಿ ಕೋಟಾ ಅಡಿಯಲ್ಲಿ ಯಾತ್ರಿಕರ ಸಂಖ್ಯೆ ಶೇ 10ರಷ್ಟು ಇಳಿಕೆ ಮಾಡಲಾಗಿದ್ದು, ಖಾಸಗಿ ಹಜ್ ನಿರ್ವಾಹಕರಿಗೆ ಹೆಚ್ಚಿನ ಕೋಟಾ ನೀಡಲಾಗಿದೆ. ಈ ಹಿಂದೆ ಶೇ 80 ರಷ್ಟು ಕೋಟಾ ಹಜ್ ಸಮಿತಿಗೆ ಮತ್ತು ಶೇ 20 ರಷ್ಟು ಖಾಸಗಿ ನಿರ್ವಾಹಕರಿಗೆ ನೀಡಲಾಗುತ್ತಿತ್ತು. 70 ವರ್ಷ ಮೇಲ್ಪಟ್ಟ ಅರ್ಜಿದಾರರಿಗೆ ಆದ್ಯತೆ ನೀಡಲಾಗುತ್ತದೆ. 2024ರಲ್ಲಿ ಹಜ್ ಯಾತ್ರೆಗೆ ಭಾರತದಿಂದ ಒಟ್ಟು 1,75,025 ಯಾತ್ರಿಕರು ತೆರಳಿದ್ದರು. ಈ ಪೈಕಿ ಸುಮಾರು 17,500 ಯಾತ್ರಾರ್ಥಿಗಳು ಸರ್ಕಾರಿ ಕೋಟಾದಡಿ ತೆರಳಿದ್ದರು. ಹೊಸ ನೀತಿಯಲ್ಲಿ ಮಹ್ರಮ್ ಇಲ್ಲದೆ ಮಹಿಳೆಯರು ಪ್ರಯಾಣಿಸಲು ಅವಕಾಶ ನೀಡಲಾಗಿದೆ. ಹಜ್ ಸಮಿತಿ ಮೂಲಕ ಅರ್ಜಿ ಸಲ್ಲಿಸುವ ಪ್ರಕ್ರಿಯೆ ಶೀಘ್ರದಲ್ಲೇ ಆರಂಭವಾಗಲಿದೆ. ಆನ್‌ಲೈನ್ ಮೂಲಕ ಅರ್ಜಿ ಸಲ್ಲಿಸಬಹುದಾಗಿದ್ದು, ಲಾಟರಿ ಮೂಲಕ ಆಯ್ಕೆ ಮಾಡಲಾಗುವುದು ಎಂದು ಹಜ್ ಸಮಿತಿ ತಿಳಿಸಿದೆ. ಯಾತ್ರಿಕರ ಆರೋಗ್ಯ ತಪಾಸಣೆ ಕಡ್ಡಾಯವಾಗಿದ್ದು, ಲಸಿಕೆ ಪಡೆಯಬೇಕು ಎಂದು ಸೂಚಿಸಲಾಗಿದೆ.
ಪಿಎಂ ಜನ್‌ಧನ್ ಖಾತೆಗಳಿಗೆ ಮಿನಿಮಮ್ ಬ್ಯಾಲೆನ್ಸ್ ಕಡ್ಡಾಯವಲ್ಲ: ಸಚಿವೆ ನಿರ್ಮಲಾ ಸೀತಾರಾಮನ್ ಸ್ಪಷ್ಟನೆ
ನವದೆಹಲಿ: ಜನ್ ಧನ್ ಮತ್ತು ಮೂಲ ಉಳಿತಾಯ ಖಾತೆಗಳಿಗೆ ಮಿನಿಮಮ್ ಬ್ಯಾಲೆನ್ಸ್ ಕಾಯ್ದುಕೊಳ್ಳುವ ಅಗತ್ಯವಿಲ್ಲ ಎಂದು ಕೇಂದ್ರ ಹಣಕಾಸು ಸಚಿವೆ ನಿರ್ಮಲಾ ಸೀತಾರಾಮನ್ ಲೋಕಸಭೆಯಲ್ಲಿ ಸ್ಪಷ್ಟಪಡಿಸಿದ್ದಾರೆ. ಕನಿಷ್ಠ ಬ್ಯಾಲೆನ್ಸ್ ಕಾಯ್ದುಕೊಳ್ಳದ ಖಾತೆಗಳಿಗೆ ದಂಡ ವಿಧಿಸಲಾಗುತ್ತಿದೆ ಎಂಬ ಆರೋಪಕ್ಕೆ ಉತ್ತರಿಸಿದ ಅವರು, ಸಾರ್ವಜನಿಕ ವಲಯದ ಬ್ಯಾಂಕುಗಳು ಕಳೆದ ಐದು ವರ್ಷಗಳಲ್ಲಿ ಕನಿಷ್ಠ ಬ್ಯಾಲೆನ್ಸ್ ನಿರ್ವಹಣೆ ಮಾಡದ ಗ್ರಾಹಕರಿಂದ ಸುಮಾರು 8,500 ಕೋಟಿ ರೂ.ಗಳ ದಂಡವನ್ನು ಸಂಗ್ರಹಿಸಿವೆ ಎಂದು ತಿಳಿಸಿದರು. ಕನಿಷ್ಠ ಬ್ಯಾಲೆನ್ಸ್ ಕಾಯ್ದುಕೊಳ್ಳದ ಕಾರಣ ಸರ್ಕಾರಿ ಸ್ವಾಮ್ಯದ ಬ್ಯಾಂಕುಗಳು ದಂಡದ ರೂಪದಲ್ಲಿ 2,331 ಕೋಟಿ ರೂ.ಗಳನ್ನು ಸಂಗ್ರಹಿಸಿವೆ. 2023-24ರಲ್ಲಿ ಈ ಮೊತ್ತ ಹೆಚ್ಚಾಗಿದೆ. ಜನ್ ಧನ್ ಯೋಜನೆಯಡಿ 53 ಕೋಟಿಗೂ ಹೆಚ್ಚು ಖಾತೆಗಳನ್ನು ತೆರೆಯಲಾಗಿದ್ದು, ಇವುಗಳಲ್ಲಿ 2.30,792 ಕೋಟಿ ರೂ.ಗಳ ಠೇವಣಿ ಇದೆ. ಈ ಖಾತೆಗಳಲ್ಲಿ ಶೇ 55.6 ರಷ್ಟು ಮಹಿಳೆಯರ ಖಾತೆಗಳಾಗಿವೆ. ಶೇ 66.6 ರಷ್ಟು ಖಾತೆಗಳು ಗ್ರಾಮೀಣ ಮತ್ತು ಅರೆ ನಗರ ಪ್ರದೇಶಗಳಲ್ಲಿವೆ. ರಿಸರ್ವ್ ಬ್ಯಾಂಕ್ ಮಾರ್ಗಸೂಚಿಗಳ ಪ್ರಕಾರ ಬ್ಯಾಂಕುಗಳು ತಮ್ಮ ಮಂಡಳಿ ಅನುಮೋದಿತ ನೀತಿಯಂತೆ ದಂಡ ವಿಧಿಸಬಹುದು. ಆದರೆ ಈ ದಂಡ ಸಮಂಜಸವಾಗಿರಬೇಕು ಎಂದು ಸಚಿವೆ ತಿಳಿಸಿದರು. ಕಳೆದ 2019-20ರ ಬಳಿಕ ಈ ಮೊತ್ತ ಏರಿಕೆಯಾಗಿದೆ ಎಂದರು.
ಜನ್ ಧನ್ ಮತ್ತು ಮೂಲ ಉಳಿತಾಯ ಖಾತೆಗಳಿಗೆ ಮಿನಿಮಮ್ ಬ್ಯಾಲೆನ್ಸ್ ಕಾಯ್ದುಕೊಳ್ಳುವ ಅಗತ್ಯವಿಲ್ಲ ಎಂದು ಕೇಂದ್ರ ಹಣಕಾಸು ಸಚಿವೆ ನಿರ್ಮಲಾ ಸೀತಾರಾಮನ್ ಲೋಕಸಭೆಯಲ್ಲಿ ಸ್ಪಷ್ಟಪಡಿಸಿದ್ದಾರೆ. ಕನಿಷ್ಠ ಬ್ಯಾಲೆನ್ಸ್ ಕಾಯ್ದುಕೊಳ್ಳದ ಖಾತೆಗಳಿಗೆ ದಂಡ ವಿಧಿಸಲಾಗುತ್ತಿದೆ ಎಂಬ ಆರೋಪಕ್ಕೆ ಉತ್ತರಿಸಿದ ಅವರು, ಸಾರ್ವಜನಿಕ ವಲಯದ ಬ್ಯಾಂಕುಗಳು ಕಳೆದ ಐದು ವರ್ಷಗಳಲ್ಲಿ ಕನಿಷ್ಠ ಬ್ಯಾಲೆನ್ಸ್ ನಿರ್ವಹಣೆ ಮಾಡದ ಗ್ರಾಹಕರಿಂದ ಸುಮಾರು 8,500 ಕೋಟಿ ರೂ.ಗಳ ದಂಡವನ್ನು ಸಂಗ್ರಹಿಸಿವೆ ಎಂದು ತಿಳಿಸಿದರು. ಕನಿಷ್ಠ ಬ್ಯಾಲೆನ್ಸ್ ಕಾಯ್ದುಕೊಳ್ಳದ ಕಾರಣ ಸರ್ಕಾರಿ ಸ್ವಾಮ್ಯದ ಬ್ಯಾಂಕುಗಳು ದಂಡದ ರೂಪದಲ್ಲಿ 2,331 ಕೋಟಿ ರೂ.ಗಳನ್ನು ಸಂಗ್ರಹಿಸಿವೆ. 2023-24ರಲ್ಲಿ ಈ ಮೊತ್ತ ಹೆಚ್ಚಾಗಿದೆ. ಜನ್ ಧನ್ ಯೋಜನೆಯಡಿ 53 ಕೋಟಿಗೂ ಹೆಚ್ಚು ಖಾತೆಗಳನ್ನು ತೆರೆಯಲಾಗಿದ್ದು, ಇವುಗಳಲ್ಲಿ 2.30,792 ಕೋಟಿ ರೂ.ಗಳ ಠೇವಣಿ ಇದೆ. ಈ ಖಾತೆಗಳಲ್ಲಿ ಶೇ 55.6 ರಷ್ಟು ಮಹಿಳೆಯರ ಖಾತೆಗಳಾಗಿವೆ. ಶೇ 66.6 ರಷ್ಟು ಖಾತೆಗಳು ಗ್ರಾಮೀಣ ಮತ್ತು ಅರೆ ನಗರ ಪ್ರದೇಶಗಳಲ್ಲಿವೆ. ರಿಸರ್ವ್ ಬ್ಯಾಂಕ್ ಮಾರ್ಗಸೂಚಿಗಳ ಪ್ರಕಾರ ಬ್ಯಾಂಕುಗಳು ತಮ್ಮ ಮಂಡಳಿ ಅನುಮೋದಿತ ನೀತಿಯಂತೆ ದಂಡ ವಿಧಿಸಬಹುದು. ಆದರೆ ಈ ದಂಡ ಸಮಂಜಸವಾಗಿರಬೇಕು ಎಂದು ಸಚಿವೆ ತಿಳಿಸಿದರು. ಕಳೆದ 2019-20ರ ಬಳಿಕ ಈ ಮೊತ್ತ ಏರಿಕೆಯಾಗಿದೆ ಎಂದರು.
ದೂರುದಾರನಿಗೆ ಕಪಾಳಮೋಕ್ಷ ಮಾಡಿದ ಜಿಲ್ಲಾಧಿಕಾರಿ: ಭಾರಿ ಸದ್ದು ಮಾಡಿದ ಡಿಎಂ ವರ್ತನೆ, ವಿಡಿಯೋ ವೈರಲ್
ಫತೇಪುರ್ (ಉತ್ತರ ಪ್ರದೇಶ): ಫತೇಪುರ್ ಜಿಲ್ಲೆಯ ಡಿಎಂ (ಜಿಲ್ಲಾಧಿಕಾರಿ) ಸಿ. ಇಂದುಮತಿ ಅವರು ದೂರುದಾರನಿಗೆ ಕಪಾಳಮೋಕ್ಷ ಮಾಡಿದ್ದು, ಈ ಘಟನೆಯ ವಿಡಿಯೋ ಸಾಮಾಜಿಕ ಜಾಲತಾಣಗಳಲ್ಲಿ ವೈರಲ್ ಆಗಿದೆ. ತಾನು ನಿಂತಿದ್ದೇನೆ, ಆದರೆ ಕಾರ್ಯನಿರ್ವಹಿಸಲು ನಿರ್ದೇಶನ ನೀಡುತ್ತಿಲ್ಲ ಎಂದು ದೂರುದಾರ ಆರೋಪಿಸಿದ್ದರು. ಬಂದಿದ್ದೀರಾ? ಎಂದು ದೂರುದಾರನನ್ನು ಗದರಿದ್ದಾರೆ. ಈ ಘಟನೆ ತಹಸಿಲ್ ಕಚೇರಿಯಲ್ಲಿ ನಡೆದಿದ್ದು, ಸಬ್ ರಿಜಿಸ್ಟ್ರಾರ್ ಕಚೇರಿಯ ಬಗ್ಗೆ ದೂರು ನೀಡಲು ಬಂದಿದ್ದ ವ್ಯಕ್ತಿಯ ಮೇಲೆ ಅಧಿಕಾರಿ ಕೋಪಗೊಂಡಿದ್ದಾರೆ. ವಿಡಿಯೋದಲ್ಲಿ ಡಿಎಂ ಅವರು ದೂರುದಾರನ ಕೆನ್ನೆಗೆ ಹೊಡೆಯುವುದು ಕಂಡುಬಂದಿದೆ. ಘಟನೆಯ ಬಗ್ಗೆ ಸ್ಪಷ್ಟನೆ ನೀಡಿದ ಅಧಿಕಾರಿಗಳು, ದೂರುದಾರ ಅಸಭ್ಯವಾಗಿ ವರ್ತಿಸಿದ್ದ ಎಂದು ಹೇಳಿದ್ದಾರೆ. ಆದರೆ ಈ ಘಟನೆ ಅಧಿಕಾರ ದುರ್ಬಳಕೆ ಎಂದು ವಿರೋಧ ಪಕ್ಷಗಳು ಟೀಕಿಸಿವೆ. ಈ ಕುರಿತು ಪೂರ್ಣ ತನಿಖೆ ನಡೆಸಬೇಕು ಎಂದು ಆಗ್ರಹಿಸಲಾಗಿದೆ. ಸಾರ್ವಜನಿಕರ ದೂರುಗಳನ್ನು ಗೌರವದಿಂದ ಆಲಿಸಬೇಕು ಎಂದು ಹಿರಿಯ ಅಧಿಕಾರಿಗಳು ಸೂಚಿಸಿದ್ದಾರೆ.
ಫತೇಪುರ್ ಜಿಲ್ಲೆಯ ಡಿಎಂ (ಜಿಲ್ಲಾಧಿಕಾರಿ) ಸಿ. ಇಂದುಮತಿ ಅವರು ದೂರುದಾರನಿಗೆ ಕಪಾಳಮೋಕ್ಷ ಮಾಡಿದ್ದು, ಈ ಘಟನೆಯ ವಿಡಿಯೋ ಸಾಮಾಜಿಕ ಜಾಲತಾಣಗಳಲ್ಲಿ ವೈರಲ್ ಆಗಿದೆ. ತಾನು ನಿಂತಿದ್ದೇನೆ, ಆದರೆ ಕಾರ್ಯನಿರ್ವಹಿಸಲು ನಿರ್ದೇಶನ ನೀಡುತ್ತಿಲ್ಲ ಎಂದು ದೂರುದಾರ ಆರೋಪಿಸಿದ್ದರು. ಬಂದಿದ್ದೀರಾ? ಎಂದು ದೂರುದಾರನನ್ನು ಗದರಿದ್ದಾರೆ. ಈ ಘಟನೆ ತಹಸಿಲ್ ಕಚೇರಿಯಲ್ಲಿ ನಡೆದಿದ್ದು, ಸಬ್ ರಿಜಿಸ್ಟ್ರಾರ್ ಕಚೇರಿಯ ಬಗ್ಗೆ ದೂರು ನೀಡಲು ಬಂದಿದ್ದ ವ್ಯಕ್ತಿಯ ಮೇಲೆ ಅಧಿಕಾರಿ ಕೋಪಗೊಂಡಿದ್ದಾರೆ. ವಿಡಿಯೋದಲ್ಲಿ ಡಿಎಂ ಅವರು ದೂರುದಾರನ ಕೆನ್ನೆಗೆ
ಫತೇಪುರ್ ಜಿಲ್ಲೆಯ ಡಿಎಂ (ಜಿಲ್ಲಾಧಿಕಾರಿ) ಸಿ. ಇಂದುಮತಿ ಅವರು ದೂರುದಾರನಿಗೆ ಕಪಾಳಮೋಕ್ಷ ಮಾಡಿದ್ದು, ಈ ಘಟನೆಯ ವಿಡಿಯೋ ಸಾಮಾಜಿಕ ಜಾಲತಾಣಗಳಲ್ಲಿ ವೈರಲ್ ಆಗಿದೆ. ತಾನು ನಿಂತಿದ್ದೇನೆ, ಆದರೆ ಕಾರ್ಯನಿರ್ವಹಿಸಲು ನಿರ್ದೇಶನ ನೀಡುತ್ತಿಲ್ಲ ಎಂದು ದೂರುದಾರ ಆರೋಪಿಸಿದ್ದರು. ಬಂದಿದ್ದೀರಾ? ಎಂದು ದೂರುದಾರನನ್ನು ಗದರಿದ್ದಾರೆ. ಈ ಘಟನೆ ತಹಸಿಲ್ ಕಚೇರಿಯಲ್ಲಿ ನಡೆದಿದ್ದು, ಸಬ್ ರಿಜಿಸ್ಟ್ರಾರ್ ಕಚೇರಿಯ ಬಗ್ಗೆ ದೂರು ನೀಡಲು ಬಂದಿದ್ದ ವ್ಯಕ್ತಿಯ ಮೇಲೆ ಅಧಿಕಾರಿ ಕೋಪಗೊಂಡಿದ್ದಾರೆ. ವಿಡಿಯೋದಲ್ಲಿ ಡಿಎಂ ಅವರು ದೂರುದಾರನ ಕೆನ್ನೆಗೆ ಹೊಡೆಯುವುದು ಕಂಡುಬಂದಿದೆ. ಘಟನೆಯ ಬಗ್ಗೆ ಸ್ಪಷ್ಟನೆ ನೀಡಿದ ಅಧಿಕಾರಿಗಳು, ದೂರುದಾರ ಅಸಭ್ಯವಾಗಿ ವರ್ತಿಸಿದ್ದ ಎಂದು ಹೇಳಿದ್ದಾರೆ. ಆದರೆ ಈ ಘಟನೆ ಅಧಿಕಾರ ದುರ್ಬಳಕೆ ಎಂದು ವಿರೋಧ ಪಕ್ಷಗಳು ಟೀಕಿಸಿವೆ. ಈ ಕುರಿತು ಪೂರ್ಣ ತನಿಖೆ ನಡೆಸಬೇಕು ಎಂದು ಆಗ್ರಹಿಸಲಾಗಿದೆ. ಸಾರ್ವಜನಿಕರ ದೂರುಗಳನ್ನು ಗೌರವದಿಂದ ಆಲಿಸಬೇಕು ಎಂದು ಹಿರಿಯ ಅಧಿಕಾರಿಗಳು ಸೂಚಿಸಿದ್ದಾರೆ.
